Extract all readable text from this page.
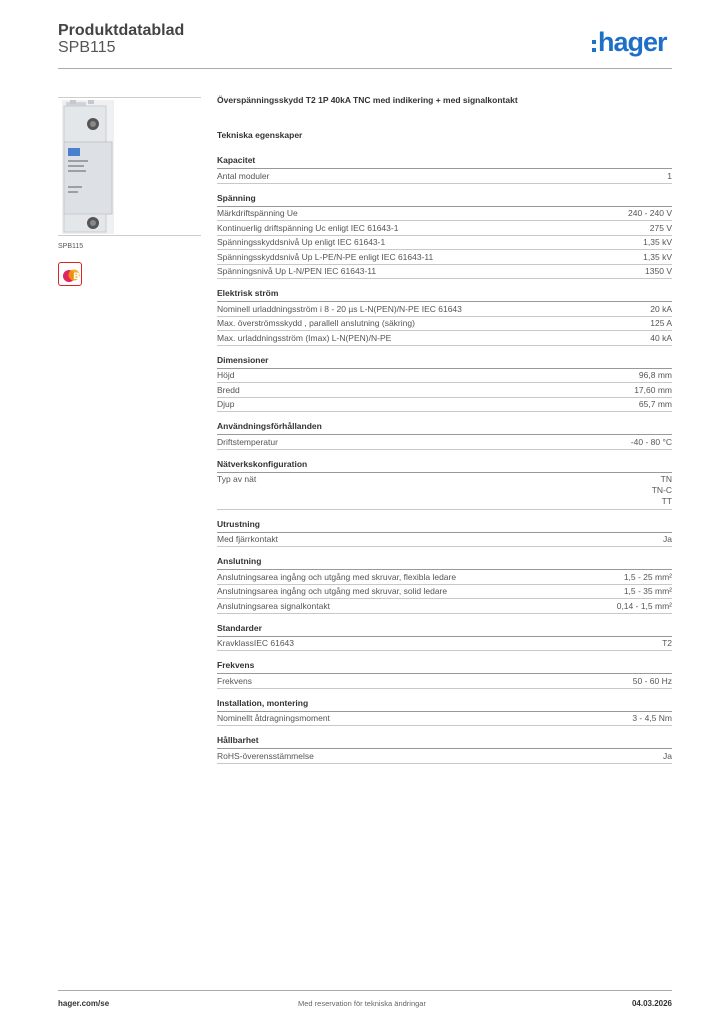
Produktdatablad
SPB115	hager
SPB115
B
Överspänningsskydd T2 1P 40kA TNC med indikering + med signalkontakt
Tekniska egenskaper
Kapacitet
Antal moduler	1
Spänning
Märkdriftspänning Ue	240 - 240 V
Kontinuerlig driftspänning Uc enligt IEC 61643-1	275 V
Spänningsskyddsnivå Up enligt IEC 61643-1	1,35 kV
Spänningsskyddsnivå Up L-PE/N-PE enligt IEC 61643-11	1,35 kV
Spänningsnivå Up L-N/PEN IEC 61643-11	1350 V
Elektrisk ström
Nominell urladdningsström i 8 - 20 µs L-N(PEN)/N-PE IEC 61643	20 kA
Max. överströmsskydd , parallell anslutning (säkring)	125 A
Max. urladdningsström (Imax) L-N(PEN)/N-PE	40 kA
Dimensioner
Höjd	96,8 mm
Bredd	17,60 mm
Djup	65,7 mm
Användningsförhållanden
Driftstemperatur	-40 - 80 °C
Nätverkskonfiguration
Typ av nät	TN
TN-C
TT
Utrustning
Med fjärrkontakt	Ja
Anslutning
Anslutningsarea ingång och utgång med skruvar, flexibla ledare	1,5 - 25 mm²
Anslutningsarea ingång och utgång med skruvar, solid ledare	1,5 - 35 mm²
Anslutningsarea signalkontakt	0,14 - 1,5 mm²
Standarder
KravklassIEC 61643	T2
Frekvens
Frekvens	50 - 60 Hz
Installation, montering
Nominellt åtdragningsmoment	3 - 4,5 Nm
Hållbarhet
RoHS-överensstämmelse	Ja
hager.com/se	Med reservation för tekniska ändringar	04.03.2026
